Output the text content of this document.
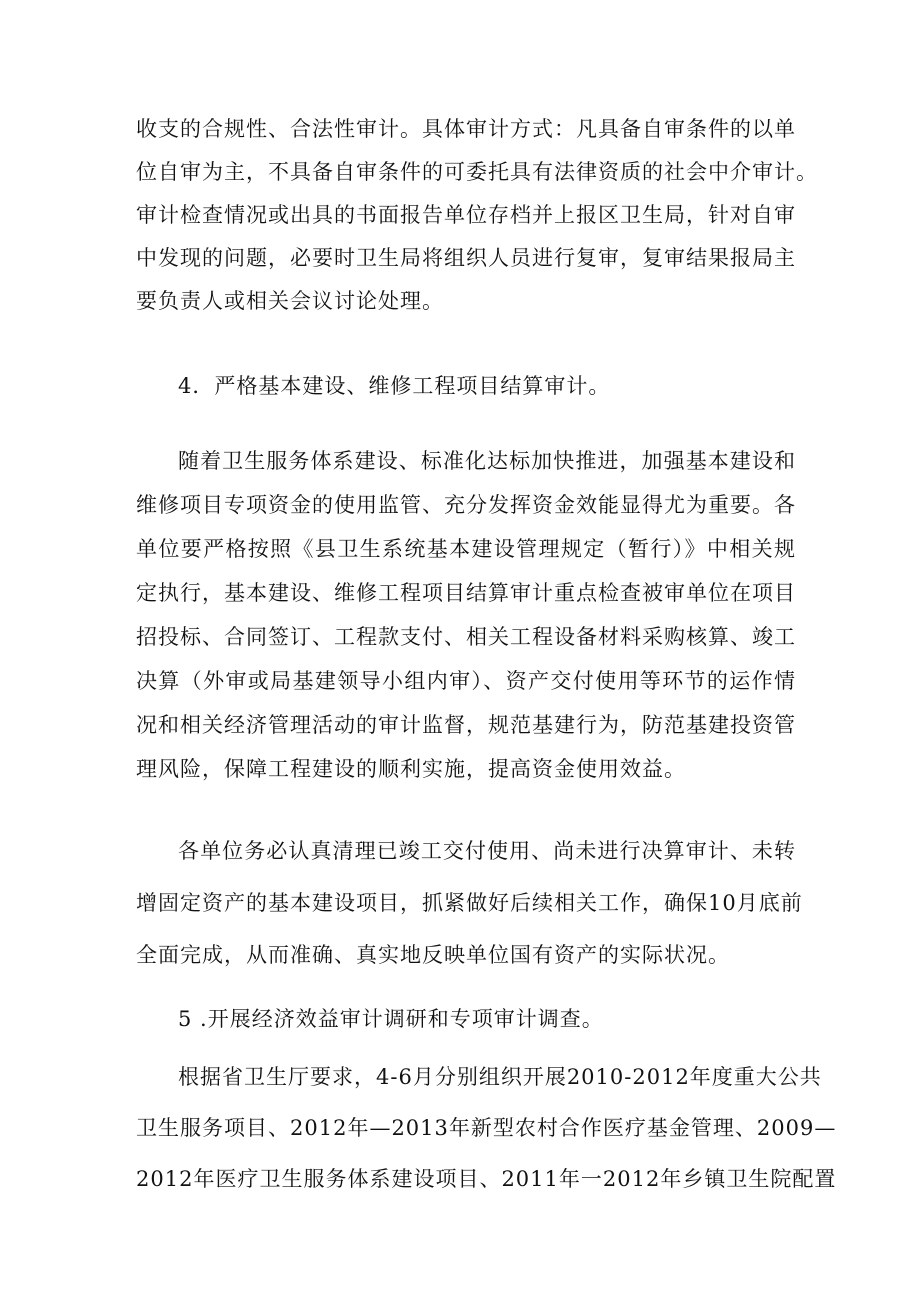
收支的合规性、合法性审计。具体审计方式：凡具备自审条件的以单
位自审为主，不具备自审条件的可委托具有法律资质的社会中介审计。
审计检查情况或出具的书面报告单位存档并上报区卫生局，针对自审
中发现的问题，必要时卫生局将组织人员进行复审，复审结果报局主
要负责人或相关会议讨论处理。
4．严格基本建设、维修工程项目结算审计。
随着卫生服务体系建设、标准化达标加快推进，加强基本建设和
维修项目专项资金的使用监管、充分发挥资金效能显得尤为重要。各
单位要严格按照《县卫生系统基本建设管理规定（暂行）》中相关规
定执行，基本建设、维修工程项目结算审计重点检查被审单位在项目
招投标、合同签订、工程款支付、相关工程设备材料采购核算、竣工
决算（外审或局基建领导小组内审）、资产交付使用等环节的运作情
况和相关经济管理活动的审计监督，规范基建行为，防范基建投资管
理风险，保障工程建设的顺利实施，提高资金使用效益。
各单位务必认真清理已竣工交付使用、尚未进行决算审计、未转
增固定资产的基本建设项目，抓紧做好后续相关工作，确保10月底前
全面完成，从而准确、真实地反映单位国有资产的实际状况。
5 .开展经济效益审计调研和专项审计调查。
根据省卫生厅要求，4-6月分别组织开展2010-2012年度重大公共
卫生服务项目、2012年—2013年新型农村合作医疗基金管理、2009—
2012年医疗卫生服务体系建设项目、2011年一2012年乡镇卫生院配置
